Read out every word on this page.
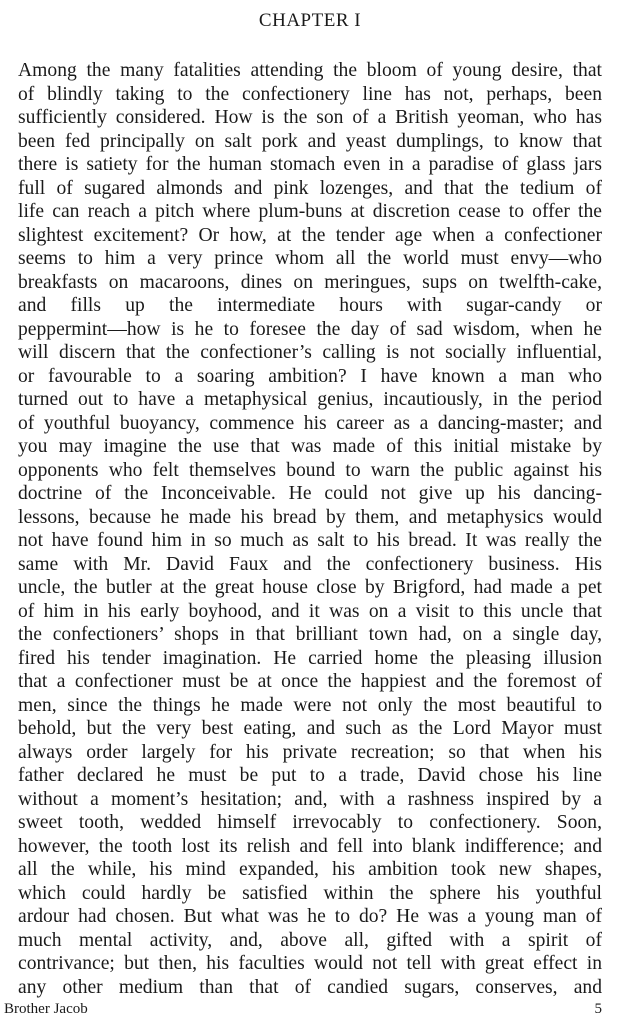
CHAPTER I
Among the many fatalities attending the bloom of young desire, that
of blindly taking to the confectionery line has not, perhaps, been
sufficiently considered. How is the son of a British yeoman, who has
been fed principally on salt pork and yeast dumplings, to know that
there is satiety for the human stomach even in a paradise of glass jars
full of sugared almonds and pink lozenges, and that the tedium of
life can reach a pitch where plum-buns at discretion cease to offer the
slightest excitement? Or how, at the tender age when a confectioner
seems to him a very prince whom all the world must envy—who
breakfasts on macaroons, dines on meringues, sups on twelfth-cake,
and fills up the intermediate hours with sugar-candy or
peppermint—how is he to foresee the day of sad wisdom, when he
will discern that the confectioner’s calling is not socially influential,
or favourable to a soaring ambition? I have known a man who
turned out to have a metaphysical genius, incautiously, in the period
of youthful buoyancy, commence his career as a dancing-master; and
you may imagine the use that was made of this initial mistake by
opponents who felt themselves bound to warn the public against his
doctrine of the Inconceivable. He could not give up his dancing-
lessons, because he made his bread by them, and metaphysics would
not have found him in so much as salt to his bread. It was really the
same with Mr. David Faux and the confectionery business. His
uncle, the butler at the great house close by Brigford, had made a pet
of him in his early boyhood, and it was on a visit to this uncle that
the confectioners’ shops in that brilliant town had, on a single day,
fired his tender imagination. He carried home the pleasing illusion
that a confectioner must be at once the happiest and the foremost of
men, since the things he made were not only the most beautiful to
behold, but the very best eating, and such as the Lord Mayor must
always order largely for his private recreation; so that when his
father declared he must be put to a trade, David chose his line
without a moment’s hesitation; and, with a rashness inspired by a
sweet tooth, wedded himself irrevocably to confectionery. Soon,
however, the tooth lost its relish and fell into blank indifference; and
all the while, his mind expanded, his ambition took new shapes,
which could hardly be satisfied within the sphere his youthful
ardour had chosen. But what was he to do? He was a young man of
much mental activity, and, above all, gifted with a spirit of
contrivance; but then, his faculties would not tell with great effect in
any other medium than that of candied sugars, conserves, and
Brother Jacob	5
